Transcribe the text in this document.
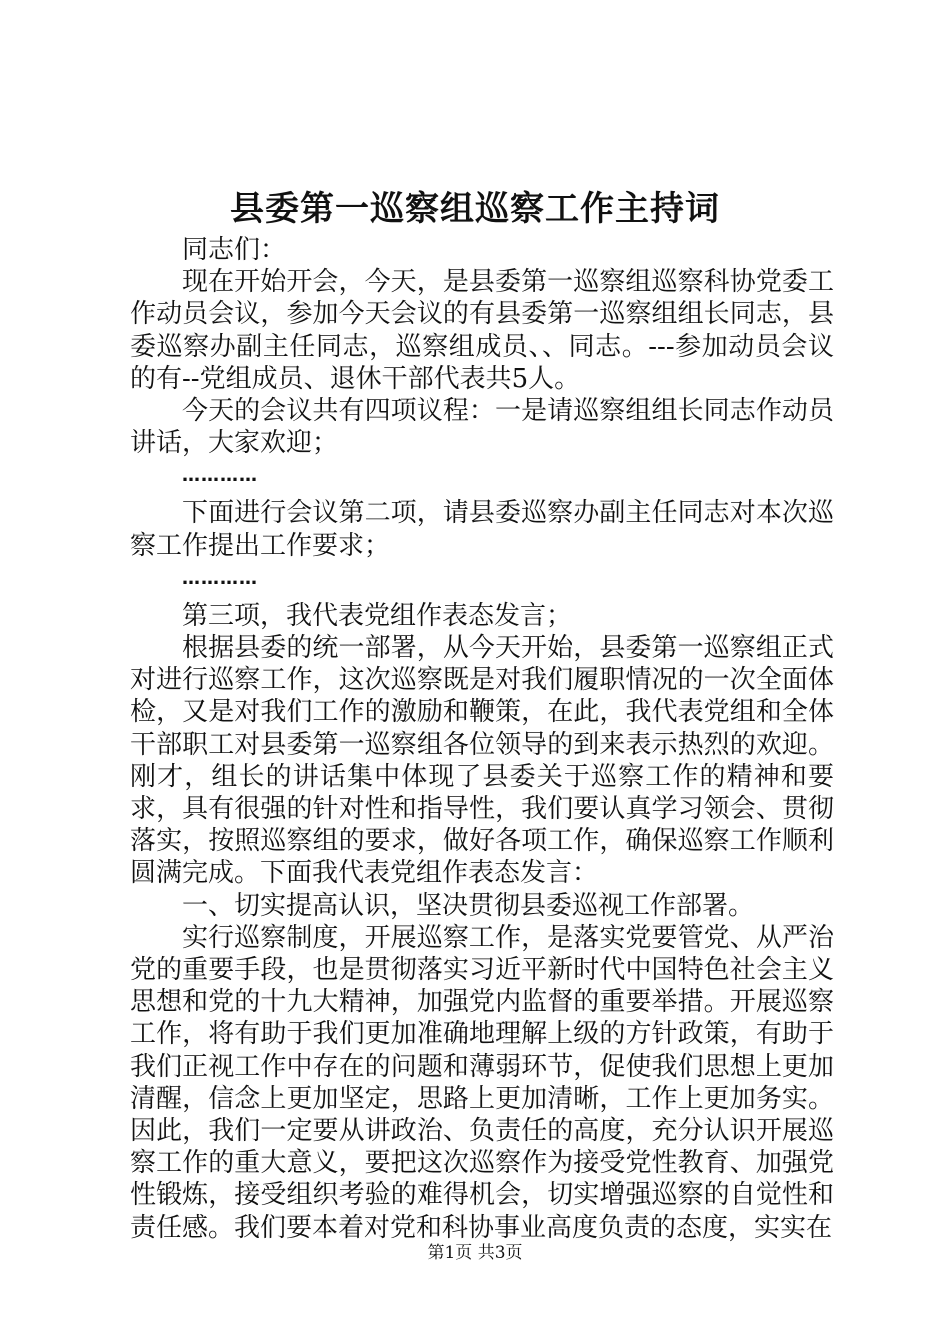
县委第一巡察组巡察工作主持词

同志们：

现在开始开会，今天，是县委第一巡察组巡察科协党委工作动员会议，参加今天会议的有县委第一巡察组组长同志，县委巡察办副主任同志，巡察组成员、、同志。---参加动员会议的有--党组成员、退休干部代表共5人。

今天的会议共有四项议程：一是请巡察组组长同志作动员讲话，大家欢迎；

…………

下面进行会议第二项，请县委巡察办副主任同志对本次巡察工作提出工作要求；

…………

第三项，我代表党组作表态发言；

根据县委的统一部署，从今天开始，县委第一巡察组正式对进行巡察工作，这次巡察既是对我们履职情况的一次全面体检，又是对我们工作的激励和鞭策，在此，我代表党组和全体干部职工对县委第一巡察组各位领导的到来表示热烈的欢迎。刚才，组长的讲话集中体现了县委关于巡察工作的精神和要求，具有很强的针对性和指导性，我们要认真学习领会、贯彻落实，按照巡察组的要求，做好各项工作，确保巡察工作顺利圆满完成。下面我代表党组作表态发言：

一、切实提高认识，坚决贯彻县委巡视工作部署。

实行巡察制度，开展巡察工作，是落实党要管党、从严治党的重要手段，也是贯彻落实习近平新时代中国特色社会主义思想和党的十九大精神，加强党内监督的重要举措。开展巡察工作，将有助于我们更加准确地理解上级的方针政策，有助于我们正视工作中存在的问题和薄弱环节，促使我们思想上更加清醒，信念上更加坚定，思路上更加清晰，工作上更加务实。因此，我们一定要从讲政治、负责任的高度，充分认识开展巡察工作的重大意义，要把这次巡察作为接受党性教育、加强党性锻炼，接受组织考验的难得机会，切实增强巡察的自觉性和责任感。我们要本着对党和科协事业高度负责的态度，实实在

第1页 共3页
